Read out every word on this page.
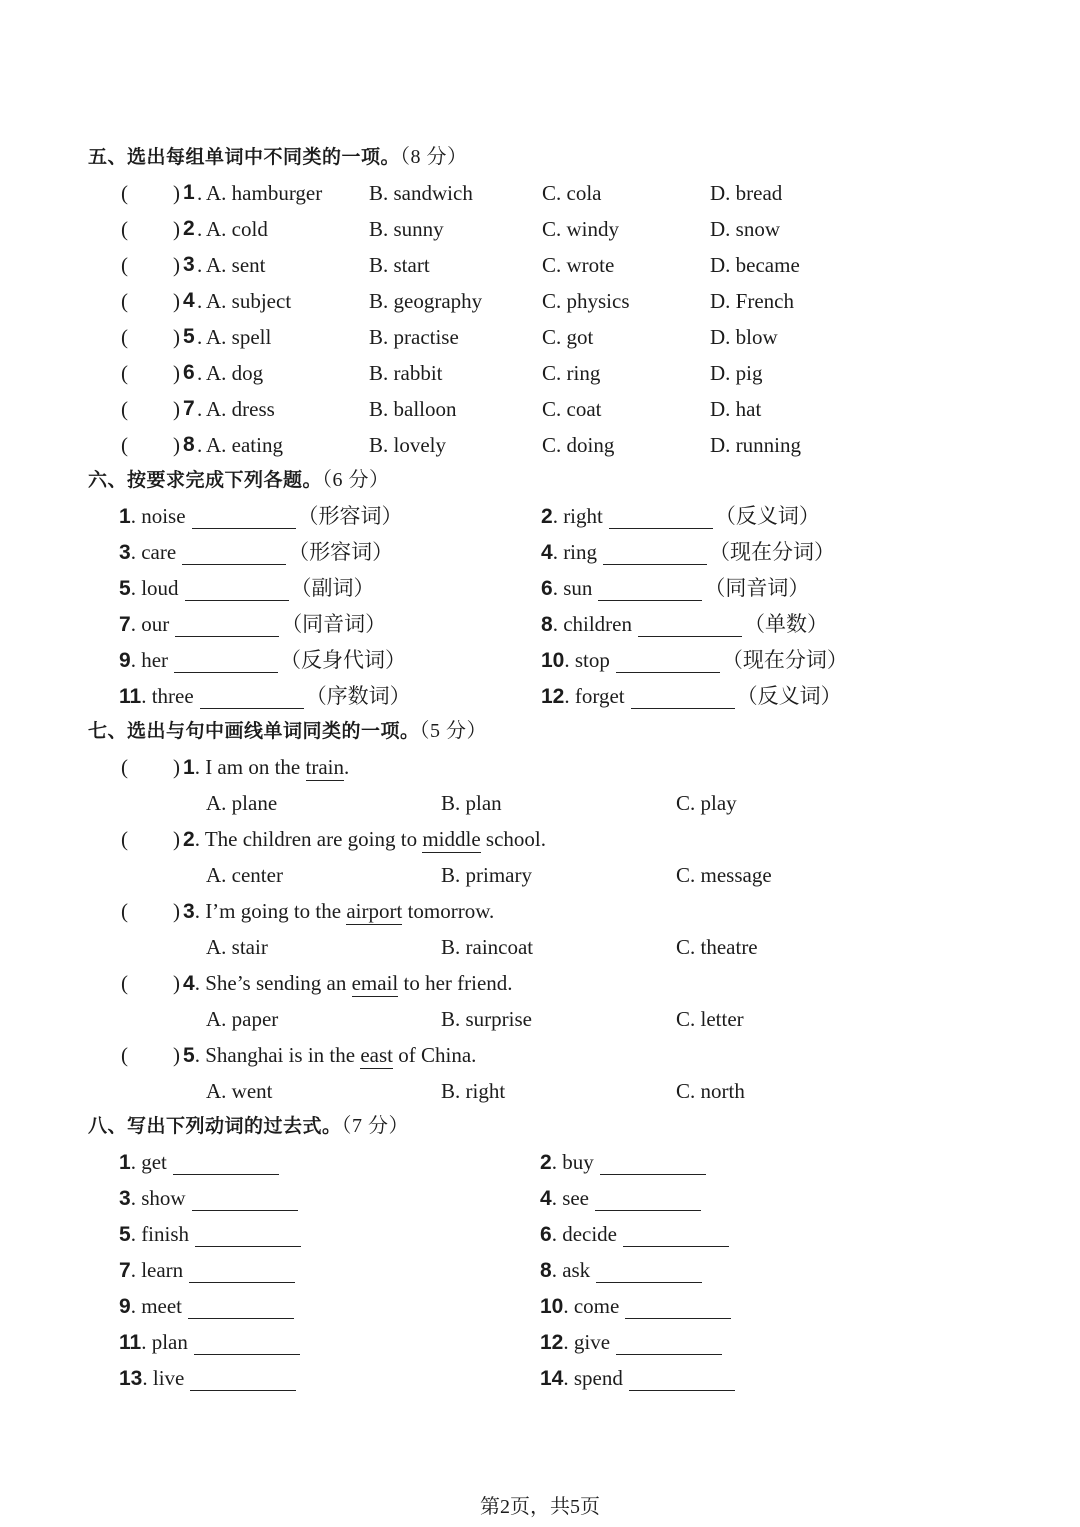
五、选出每组单词中不同类的一项。（8 分）
( ) 1 . A. hamburger B. sandwich	C. cola	D. bread
( ) 2 . A. cold	B. sunny	C. windy	D. snow
( ) 3 . A. sent	B. start	C. wrote	D. became
( ) 4 . A. subject	B. geography	C. physics	D. French
( ) 5 . A. spell	B. practise	C. got	D. blow
( ) 6 . A. dog	B. rabbit	C. ring	D. pig
( ) 7 . A. dress	B. balloon	C. coat	D. hat
( ) 8 . A. eating	B. lovely	C. doing	D. running
六、按要求完成下列各题。（6 分）
1. noise	（形容词）	2. right	（反义词）
3. care	（形容词）	4. ring	（现在分词）
5. loud	（副词）	6. sun	（同音词）
7. our	（同音词）	8. children	（单数）
9. her	（反身代词）	10. stop	（现在分词）
11. three	（序数词）	12. forget	（反义词）
七、选出与句中画线单词同类的一项。（5 分）
( ) 1. I am on the train.
A. plane	B. plan	C. play
( ) 2. The children are going to middle school.
A. center	B. primary	C. message
( ) 3. I’m going to the airport tomorrow.
A. stair	B. raincoat	C. theatre
( ) 4. She’s sending an email to her friend.
A. paper	B. surprise	C. letter
( ) 5. Shanghai is in the east of China.
A. went	B. right	C. north
八、写出下列动词的过去式。（7 分）
1. get	2. buy
3. show	4. see
5. finish	6. decide
7. learn	8. ask
9. meet	10. come
11. plan	12. give
13. live	14. spend
第2页，共5页
